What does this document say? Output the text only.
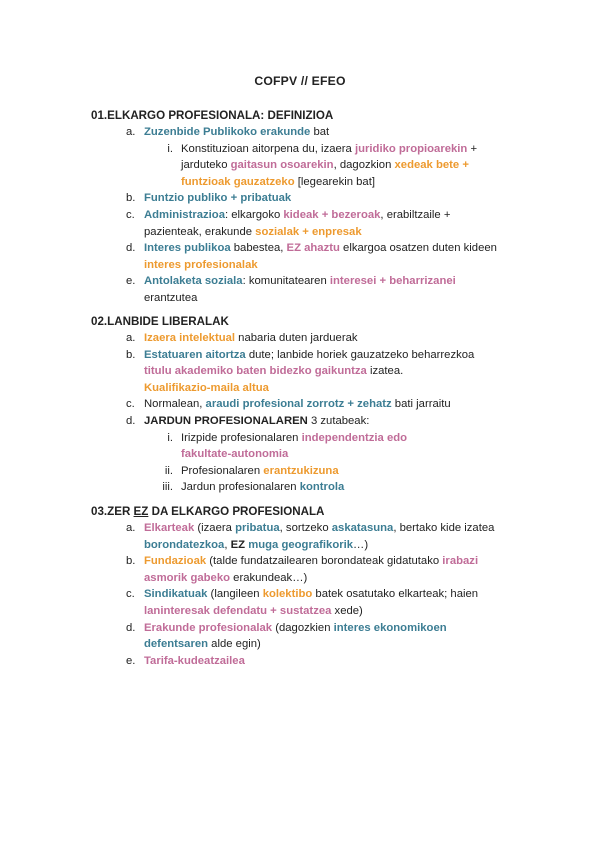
COFPV // EFEO
01.ELKARGO PROFESIONALA: DEFINIZIOA
a. Zuzenbide Publikoko erakunde bat
i. Konstituzioan aitorpena du, izaera juridiko propioarekin +
jarduteko gaitasun osoarekin, dagozkion xedeak bete +
funtzioak gauzatzeko [legearekin bat]
b. Funtzio publiko + pribatuak
c. Administrazioa: elkargoko kideak + bezeroak, erabiltzaile +
pazienteak, erakunde sozialak + enpresak
d. Interes publikoa babestea, EZ ahaztu elkargoa osatzen duten kideen
interes profesionalak
e. Antolaketa soziala: komunitatearen interesei + beharrizanei
erantzutea
02.LANBIDE LIBERALAK
a. Izaera intelektual nabaria duten jarduerak
b. Estatuaren aitortza dute; lanbide horiek gauzatzeko beharrezkoa
titulu akademiko baten bidezko gaikuntza izatea.
Kualifikazio-maila altua
c. Normalean, araudi profesional zorrotz + zehatz bati jarraitu
d. JARDUN PROFESIONALAREN 3 zutabeak:
i. Irizpide profesionalaren independentzia edo
fakultate-autonomia
ii. Profesionalaren erantzukizuna
iii. Jardun profesionalaren kontrola
03.ZER EZ DA ELKARGO PROFESIONALA
a. Elkarteak (izaera pribatua, sortzeko askatasuna, bertako kide izatea
borondatezkoa, EZ muga geografikorik…)
b. Fundazioak (talde fundatzailearen borondateak gidatutako irabazi
asmorik gabeko erakundeak…)
c. Sindikatuak (langileen kolektibo batek osatutako elkarteak; haien
laninteresak defendatu + sustatzea xede)
d. Erakunde profesionalak (dagozkien interes ekonomikoen
defentsaren alde egin)
e. Tarifa-kudeatzailea
